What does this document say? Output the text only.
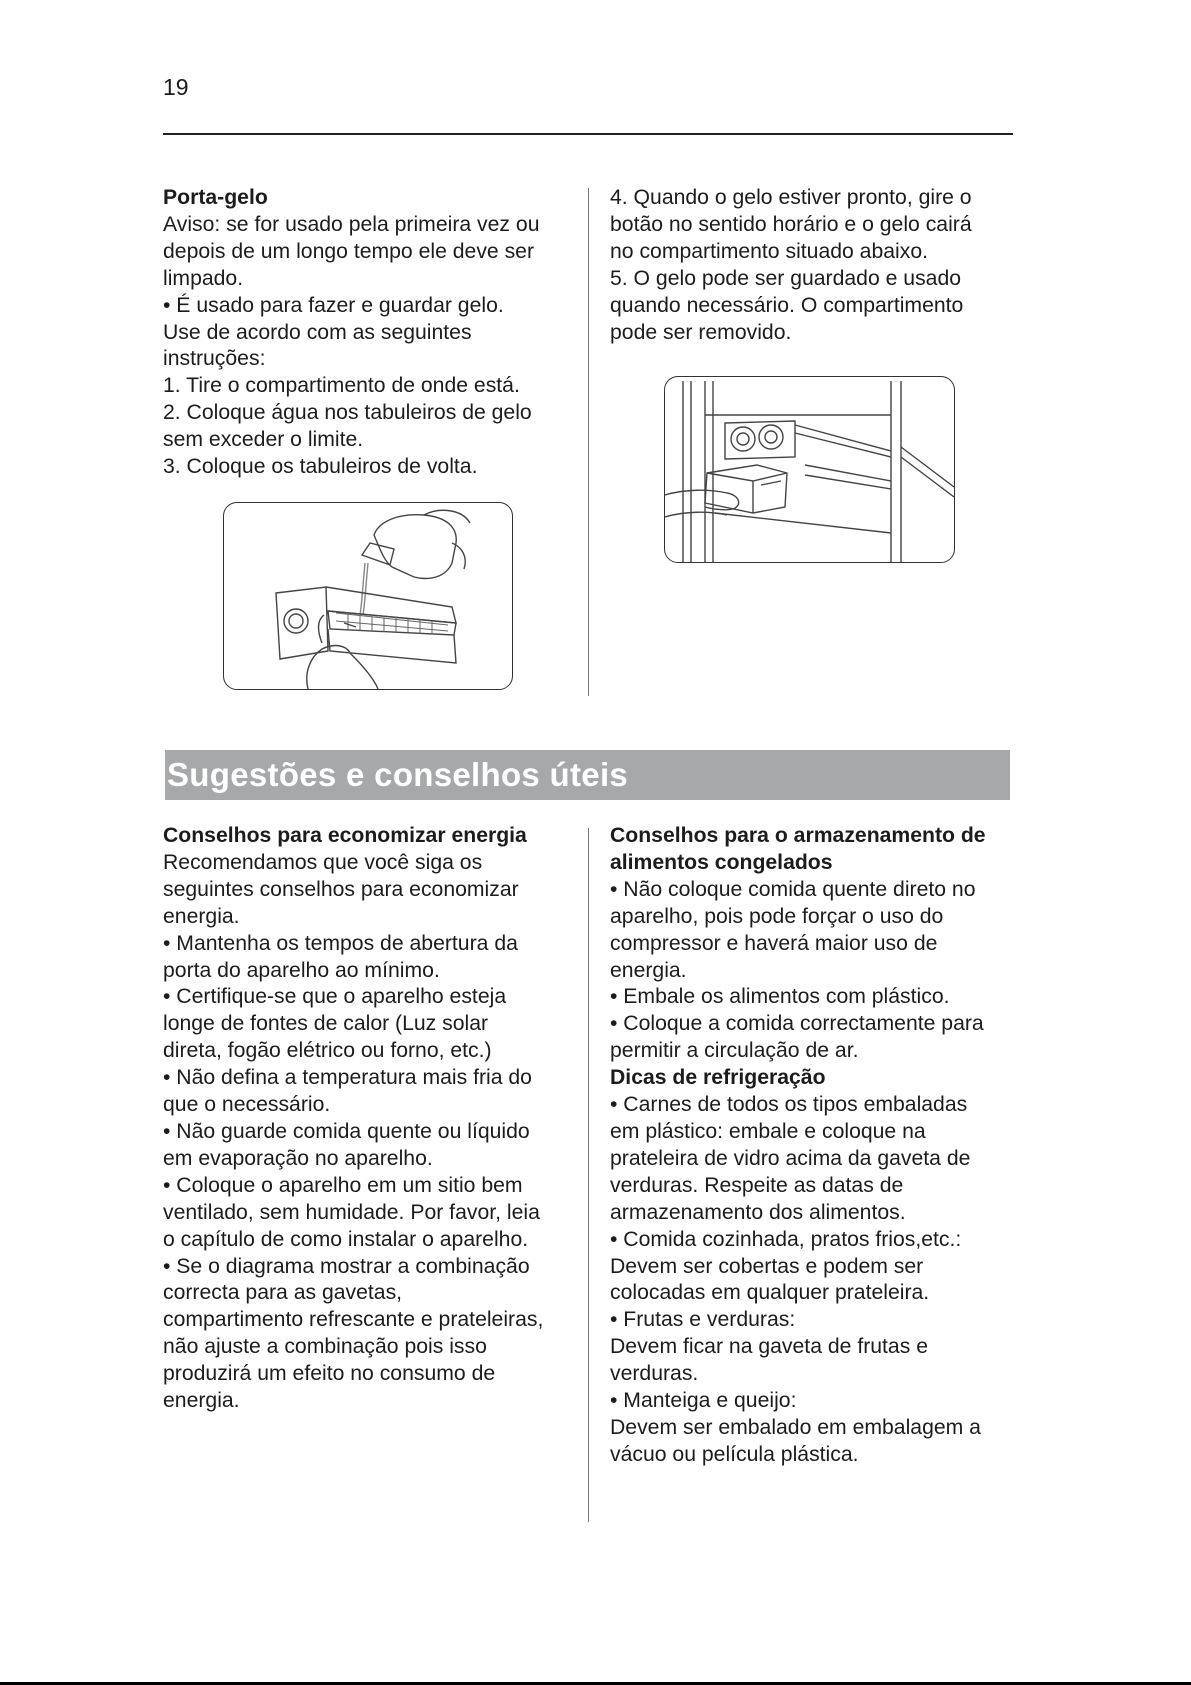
19

Porta-gelo

Aviso: se for usado pela primeira vez ou

depois de um longo tempo ele deve ser

limpado.

• É usado para fazer e guardar gelo.

Use de acordo com as seguintes

instruções:

1. Tire o compartimento de onde está.

2. Coloque água nos tabuleiros de gelo

sem exceder o limite.

3. Coloque os tabuleiros de volta.

4. Quando o gelo estiver pronto, gire o

botão no sentido horário e o gelo cairá

no compartimento situado abaixo.

5. O gelo pode ser guardado e usado

quando necessário. O compartimento

pode ser removido.

Sugestões e conselhos úteis

Conselhos para economizar energia

Recomendamos que você siga os

seguintes conselhos para economizar

energia.

• Mantenha os tempos de abertura da

porta do aparelho ao mínimo.

• Certifique-se que o aparelho esteja

longe de fontes de calor (Luz solar

direta, fogão elétrico ou forno, etc.)

• Não defina a temperatura mais fria do

que o necessário.

• Não guarde comida quente ou líquido

em evaporação no aparelho.

• Coloque o aparelho em um sitio bem

ventilado, sem humidade. Por favor, leia

o capítulo de como instalar o aparelho.

• Se o diagrama mostrar a combinação

correcta para as gavetas,

compartimento refrescante e prateleiras,

não ajuste a combinação pois isso

produzirá um efeito no consumo de

energia.

Conselhos para o armazenamento de

alimentos congelados

• Não coloque comida quente direto no

aparelho, pois pode forçar o uso do

compressor e haverá maior uso de

energia.

• Embale os alimentos com plástico.

• Coloque a comida correctamente para

permitir a circulação de ar.

Dicas de refrigeração

• Carnes de todos os tipos embaladas

em plástico: embale e coloque na

prateleira de vidro acima da gaveta de

verduras. Respeite as datas de

armazenamento dos alimentos.

• Comida cozinhada, pratos frios,etc.:

Devem ser cobertas e podem ser

colocadas em qualquer prateleira.

• Frutas e verduras:

Devem ficar na gaveta de frutas e

verduras.

• Manteiga e queijo:

Devem ser embalado em embalagem a

vácuo ou película plástica.
